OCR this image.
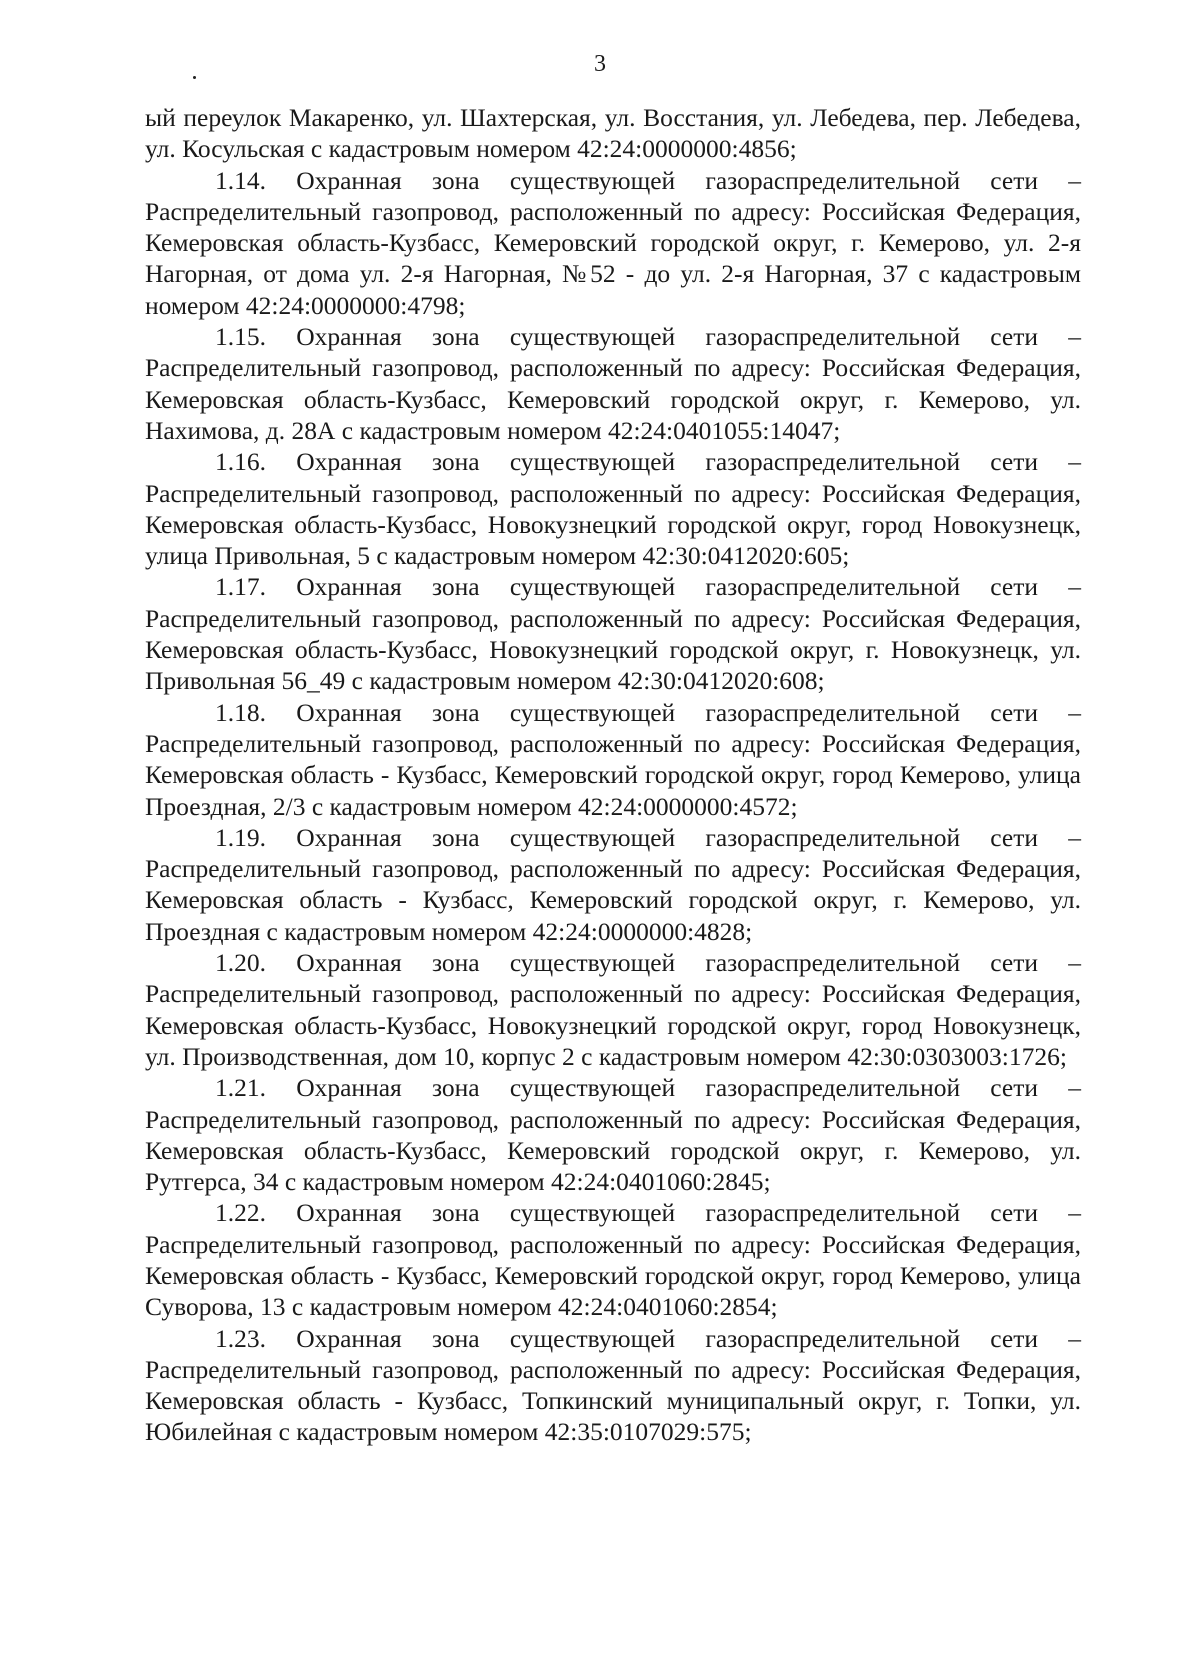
3

ый переулок Макаренко, ул. Шахтерская, ул. Восстания, ул. Лебедева, пер. Лебедева, ул. Косульская с кадастровым номером 42:24:0000000:4856;

1.14. Охранная зона существующей газораспределительной сети – Распределительный газопровод, расположенный по адресу: Российская Федерация, Кемеровская область-Кузбасс, Кемеровский городской округ, г. Кемерово, ул. 2-я Нагорная, от дома ул. 2-я Нагорная, №52 - до ул. 2-я Нагорная, 37 с кадастровым номером 42:24:0000000:4798;

1.15. Охранная зона существующей газораспределительной сети – Распределительный газопровод, расположенный по адресу: Российская Федерация, Кемеровская область-Кузбасс, Кемеровский городской округ, г. Кемерово, ул. Нахимова, д. 28А с кадастровым номером 42:24:0401055:14047;

1.16. Охранная зона существующей газораспределительной сети – Распределительный газопровод, расположенный по адресу: Российская Федерация, Кемеровская область-Кузбасс, Новокузнецкий городской округ, город Новокузнецк, улица Привольная, 5 с кадастровым номером 42:30:0412020:605;

1.17. Охранная зона существующей газораспределительной сети – Распределительный газопровод, расположенный по адресу: Российская Федерация, Кемеровская область-Кузбасс, Новокузнецкий городской округ, г. Новокузнецк, ул. Привольная 56_49 с кадастровым номером 42:30:0412020:608;

1.18. Охранная зона существующей газораспределительной сети – Распределительный газопровод, расположенный по адресу: Российская Федерация, Кемеровская область - Кузбасс, Кемеровский городской округ, город Кемерово, улица Проездная, 2/3 с кадастровым номером 42:24:0000000:4572;

1.19. Охранная зона существующей газораспределительной сети – Распределительный газопровод, расположенный по адресу: Российская Федерация, Кемеровская область - Кузбасс, Кемеровский городской округ, г. Кемерово, ул. Проездная с кадастровым номером 42:24:0000000:4828;

1.20. Охранная зона существующей газораспределительной сети – Распределительный газопровод, расположенный по адресу: Российская Федерация, Кемеровская область-Кузбасс, Новокузнецкий городской округ, город Новокузнецк, ул. Производственная, дом 10, корпус 2 с кадастровым номером 42:30:0303003:1726;

1.21. Охранная зона существующей газораспределительной сети – Распределительный газопровод, расположенный по адресу: Российская Федерация, Кемеровская область-Кузбасс, Кемеровский городской округ, г. Кемерово, ул. Рутгерса, 34 с кадастровым номером 42:24:0401060:2845;

1.22. Охранная зона существующей газораспределительной сети – Распределительный газопровод, расположенный по адресу: Российская Федерация, Кемеровская область - Кузбасс, Кемеровский городской округ, город Кемерово, улица Суворова, 13 с кадастровым номером 42:24:0401060:2854;

1.23. Охранная зона существующей газораспределительной сети – Распределительный газопровод, расположенный по адресу: Российская Федерация, Кемеровская область - Кузбасс, Топкинский муниципальный округ, г. Топки, ул. Юбилейная с кадастровым номером 42:35:0107029:575;
